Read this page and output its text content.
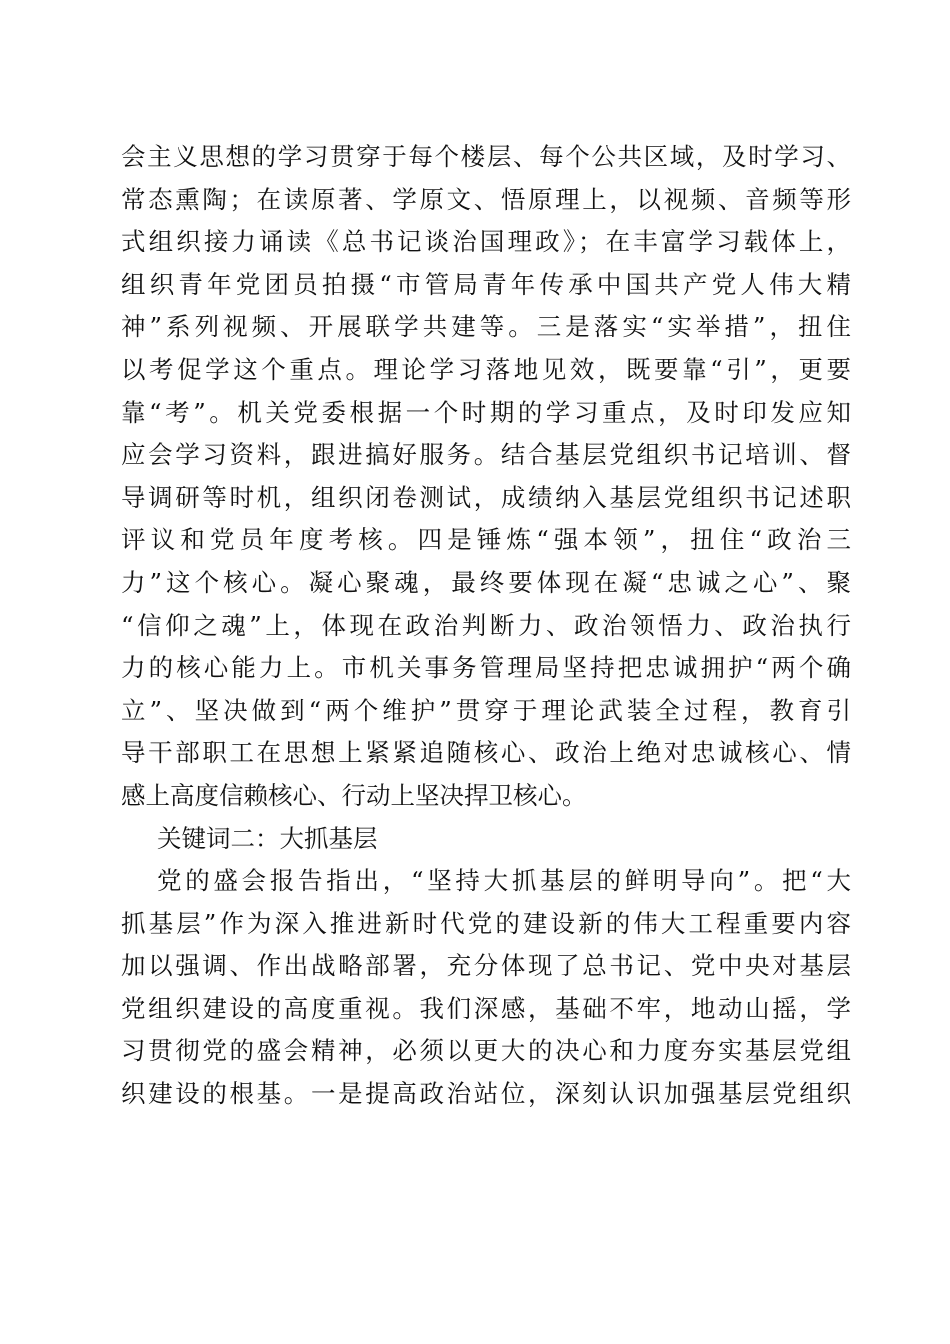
会主义思想的学习贯穿于每个楼层、每个公共区域，及时学习、
常态熏陶；在读原著、学原文、悟原理上，以视频、音频等形
式组织接力诵读《总书记谈治国理政》；在丰富学习载体上，
组织青年党团员拍摄“市管局青年传承中国共产党人伟大精
神”系列视频、开展联学共建等。三是落实“实举措”，扭住
以考促学这个重点。理论学习落地见效，既要靠“引”，更要
靠“考”。机关党委根据一个时期的学习重点，及时印发应知
应会学习资料，跟进搞好服务。结合基层党组织书记培训、督
导调研等时机，组织闭卷测试，成绩纳入基层党组织书记述职
评议和党员年度考核。四是锤炼“强本领”，扭住“政治三
力”这个核心。凝心聚魂，最终要体现在凝“忠诚之心”、聚
“信仰之魂”上，体现在政治判断力、政治领悟力、政治执行
力的核心能力上。市机关事务管理局坚持把忠诚拥护“两个确
立”、坚决做到“两个维护”贯穿于理论武装全过程，教育引
导干部职工在思想上紧紧追随核心、政治上绝对忠诚核心、情
感上高度信赖核心、行动上坚决捍卫核心。
关键词二：大抓基层
党的盛会报告指出，“坚持大抓基层的鲜明导向”。把“大
抓基层”作为深入推进新时代党的建设新的伟大工程重要内容
加以强调、作出战略部署，充分体现了总书记、党中央对基层
党组织建设的高度重视。我们深感，基础不牢，地动山摇，学
习贯彻党的盛会精神，必须以更大的决心和力度夯实基层党组
织建设的根基。一是提高政治站位，深刻认识加强基层党组织
